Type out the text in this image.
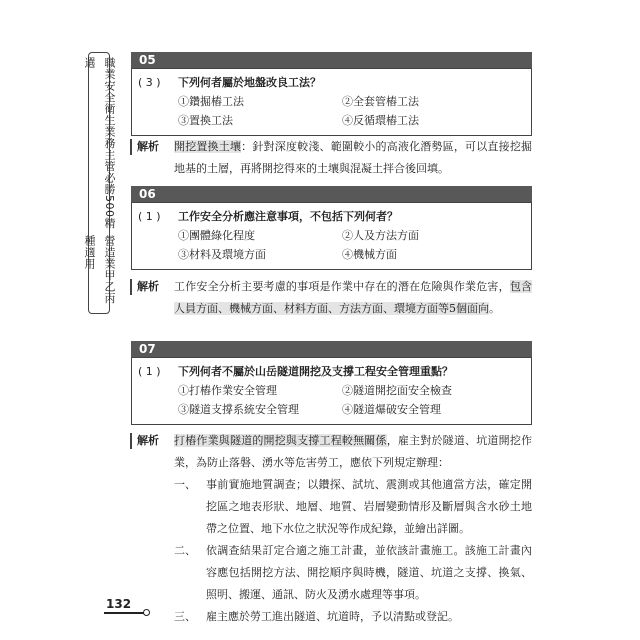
職業安全衛生業務主管必勝500精選
營造業甲乙丙種適用
05
( 3 )	下列何者屬於地盤改良工法？
①鑽掘樁工法	②全套管樁工法
③置換工法	④反循環樁工法
解析 開挖置換土壤：針對深度較淺、範圍較小的高液化潛勢區，可以直接挖掘地基的土層，再將開挖得來的土壤與混凝土拌合後回填。
06
( 1 )	工作安全分析應注意事項，不包括下列何者？
①團體綠化程度	②人及方法方面
③材料及環境方面	④機械方面
解析 工作安全分析主要考慮的事項是作業中存在的潛在危險與作業危害，包含人員方面、機械方面、材料方面、方法方面、環境方面等5個面向。
07
( 1 )	下列何者不屬於山岳隧道開挖及支撐工程安全管理重點？
①打樁作業安全管理	②隧道開挖面安全檢查
③隧道支撐系統安全管理	④隧道爆破安全管理
解析 打樁作業與隧道的開挖與支撐工程較無關係，雇主對於隧道、坑道開挖作業，為防止落磐、湧水等危害勞工，應依下列規定辦理：
一、 事前實施地質調查；以鑽探、試坑、震測或其他適當方法，確定開挖區之地表形狀、地層、地質、岩層變動情形及斷層與含水砂土地帶之位置、地下水位之狀況等作成紀錄，並繪出詳圖。
二、 依調查結果訂定合適之施工計畫，並依該計畫施工。該施工計畫內容應包括開挖方法、開挖順序與時機，隧道、坑道之支撐、換氣、照明、搬運、通訊、防火及湧水處理等事項。
三、 雇主應於勞工進出隧道、坑道時，予以清點或登記。
132
